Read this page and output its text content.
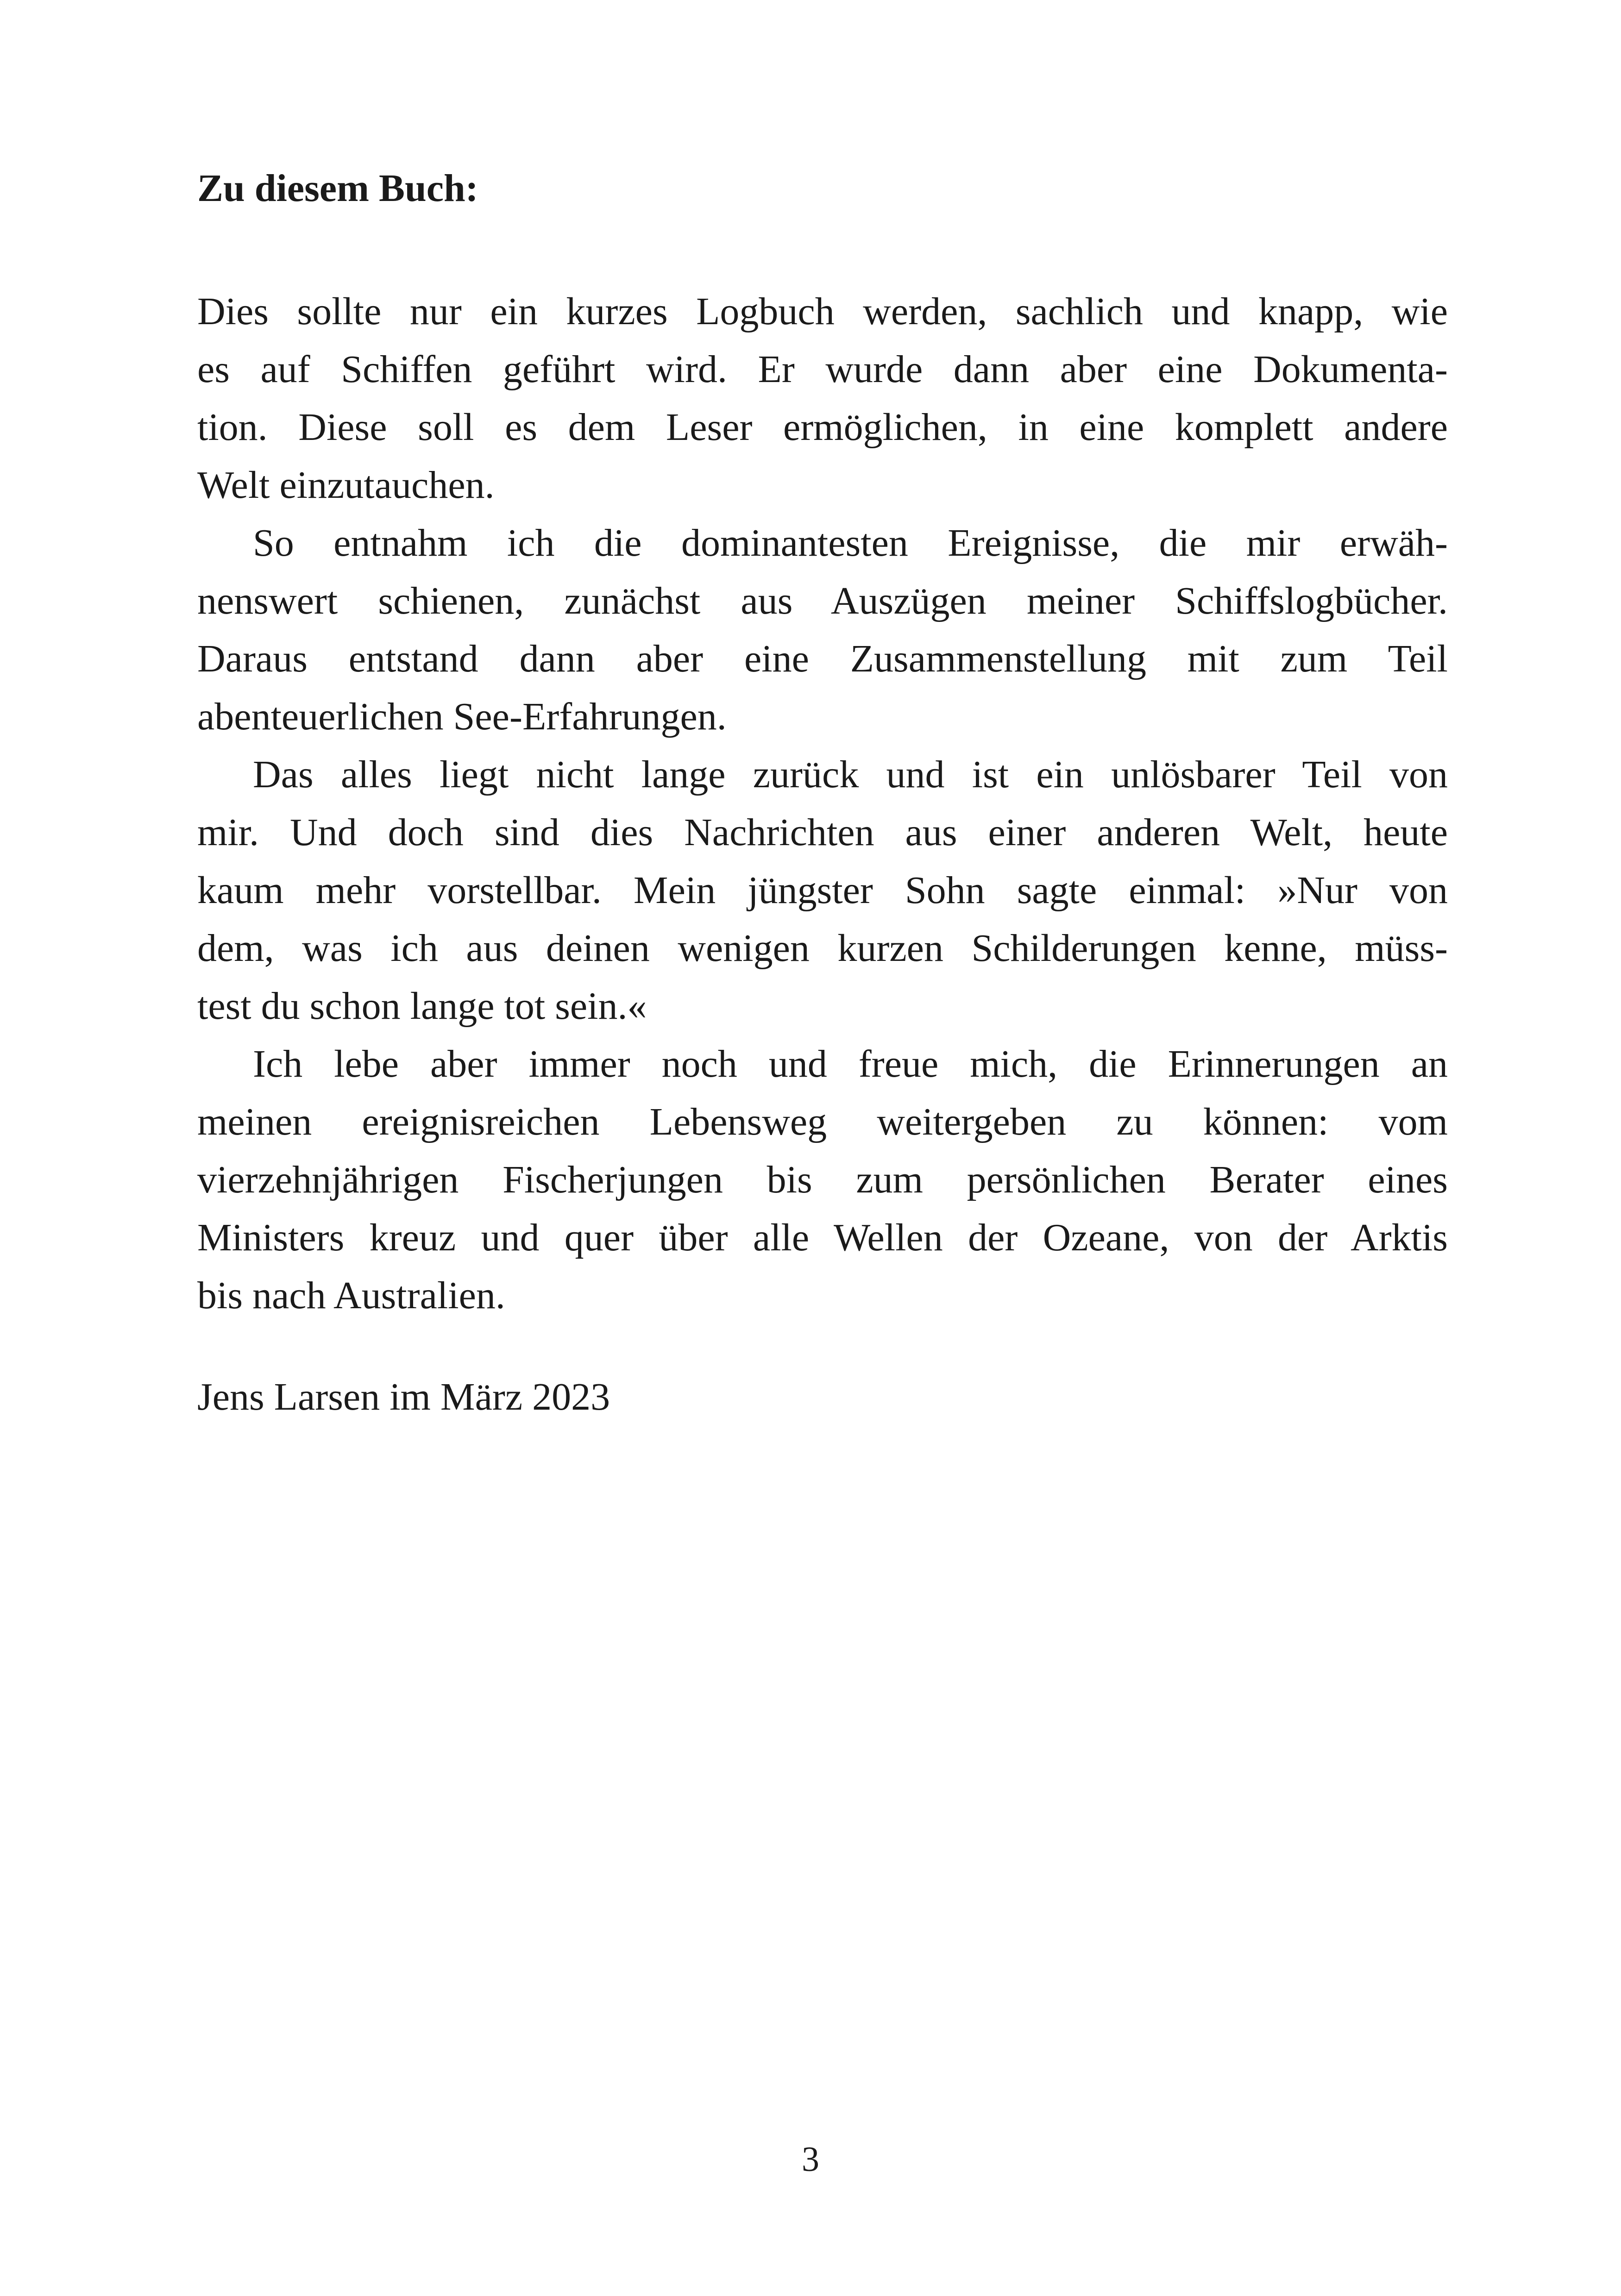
Zu diesem Buch:
Dies sollte nur ein kurzes Logbuch werden, sachlich und knapp, wie
es auf Schiffen geführt wird. Er wurde dann aber eine Dokumenta-
tion. Diese soll es dem Leser ermöglichen, in eine komplett andere
Welt einzutauchen.
So entnahm ich die dominantesten Ereignisse, die mir erwäh-
nenswert schienen, zunächst aus Auszügen meiner Schiffslogbücher.
Daraus entstand dann aber eine Zusammenstellung mit zum Teil
abenteuerlichen See-Erfahrungen.
Das alles liegt nicht lange zurück und ist ein unlösbarer Teil von
mir. Und doch sind dies Nachrichten aus einer anderen Welt, heute
kaum mehr vorstellbar. Mein jüngster Sohn sagte einmal: »Nur von
dem, was ich aus deinen wenigen kurzen Schilderungen kenne, müss-
test du schon lange tot sein.«
Ich lebe aber immer noch und freue mich, die Erinnerungen an
meinen ereignisreichen Lebensweg weitergeben zu können: vom
vierzehnjährigen Fischerjungen bis zum persönlichen Berater eines
Ministers kreuz und quer über alle Wellen der Ozeane, von der Arktis
bis nach Australien.

Jens Larsen im März 2023

3
